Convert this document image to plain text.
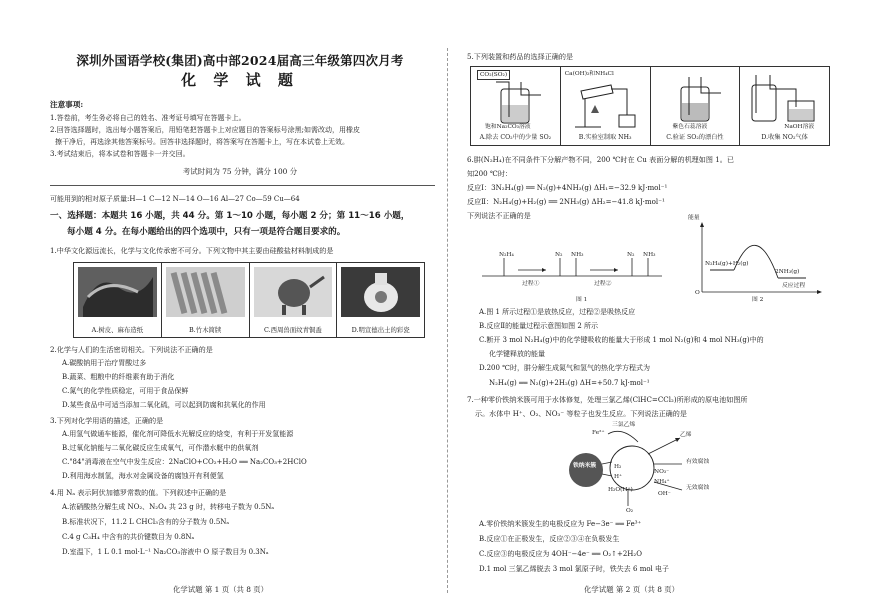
深圳外国语学校(集团)高中部2024届高三年级第四次月考
化 学 试 题
注意事项:
1.答卷前，考生务必将自己的姓名、准考证号填写在答题卡上。
2.回答选择题时，选出每小题答案后，用铅笔把答题卡上对应题目的答案标号涂黑;如需改动，用橡皮
擦干净后，再选涂其他答案标号。回答非选择题时，将答案写在答题卡上，写在本试卷上无效。
3.考试结束后，将本试卷和答题卡一并交回。
考试时间为 75 分钟，满分 100 分
可能用到的相对原子质量:H—1 C—12 N—14 O—16 Al—27 Co—59 Cu—64
一、选择题：本题共 16 小题，共 44 分。第 1～10 小题，每小题 2 分；第 11～16 小题，
每小题 4 分。在每小题给出的四个选项中，只有一项是符合题目要求的。
1.中华文化源远流长，化学与文化传承密不可分。下列文物中其主要由硅酸盐材料制成的是
A.树皮、麻布造纸	B.竹木简牍	C.西周兽面纹青铜盉	D.明宣德出土的彩瓷
2.化学与人们的生活密切相关。下列说法不正确的是
A.碳酸钠用于治疗胃酸过多
B.蔬菜、粗粮中的纤维素有助于消化
C.氮气的化学性质稳定，可用于食品保鲜
D.某些食品中可适当添加二氧化硫，可以起到防腐和抗氧化的作用
3.下列对化学用语的描述，正确的是
A.用氢气做通车能源，催化剂可降低水光解反应的焓变，有利于开发氢能源
B.过氧化钠能与二氧化碳反应生成氧气，可作潜水艇中的供氧剂
C."84"消毒液在空气中发生反应：2NaClO+CO₂+H₂O ══ Na₂CO₃+2HClO
D.利用海水制氢，海水对金属设备的腐蚀开有利便氢
4.用 Nₐ 表示阿伏加德罗常数的值。下列叙述中正确的是
A.浓硝酸热分解生成 NO₂、N₂O₄ 共 23 g 时，转移电子数为 0.5Nₐ
B.标准状况下，11.2 L CHCl₃含有的分子数为 0.5Nₐ
C.4 g C₃H₄ 中含有的共价键数目为 0.8Nₐ
D.室温下，1 L 0.1 mol·L⁻¹ Na₂CO₃溶液中 O 原子数目为 0.3Nₐ
化学试题 第 1 页（共 8 页）
5.下列装置和药品的选择正确的是
CO₂(SO₂)
饱和Na₂CO₃溶液
A.除去 CO₂中的少量 SO₂
Ca(OH)₂和NH₄Cl
B.实验室制取 NH₃
紫色石蕊溶液
C.验证 SO₂的漂白性
NaOH溶液
D.收集 NO₂气体
6.肼(N₂H₄)在不同条件下分解产物不同，200 ℃时在 Cu 表面分解的机理如图 1。已
知200 ℃时：
反应Ⅰ：3N₂H₄(g) ══ N₂(g)+4NH₃(g) ΔH₁=−32.9 kJ·mol⁻¹
反应Ⅱ：N₂H₄(g)+H₂(g) ══ 2NH₃(g) ΔH₂=−41.8 kJ·mol⁻¹
下列说法不正确的是
N₂H₄	N₂ NH₃	N₂ NH₃
过程①	过程②
图 1
能量
N₂H₄(g)+H₂(g)
2NH₃(g)
O
反应过程
图 2
A.图 1 所示过程①是放热反应，过程②是吸热反应
B.反应Ⅱ的能量过程示意图如图 2 所示
C.断开 3 mol N₂H₄(g)中的化学键吸收的能量大于形成 1 mol N₂(g)和 4 mol NH₃(g)中的
化学键释放的能量
D.200 ℃时，肼分解生成氮气和氢气的热化学方程式为
N₂H₄(g) ══ N₂(g)+2H₂(g) ΔH=+50.7 kJ·mol⁻¹
7.一种零价铁纳米簇可用于水体修复，处理三氯乙烯(ClHC=CCl₂)所形成的原电池如图所
示。水体中 H⁺、O₂、NO₃⁻ 等粒子也发生反应。下列说法正确的是
铁纳米簇
Fe²⁺
三氯乙烯
乙烯
有效腐蚀
无效腐蚀
H₂
H⁺
NO₃⁻
NH₄⁺
H₂O(H⁺)
OH⁻
O₂
A.零价铁纳米簇发生的电极反应为 Fe−3e⁻ ══ Fe³⁺
B.反应①在正极发生，反应②③④在负极发生
C.反应③的电极反应为 4OH⁻−4e⁻ ══ O₂↑+2H₂O
D.1 mol 三氯乙烯脱去 3 mol 氯原子时，铁失去 6 mol 电子
化学试题 第 2 页（共 8 页）
